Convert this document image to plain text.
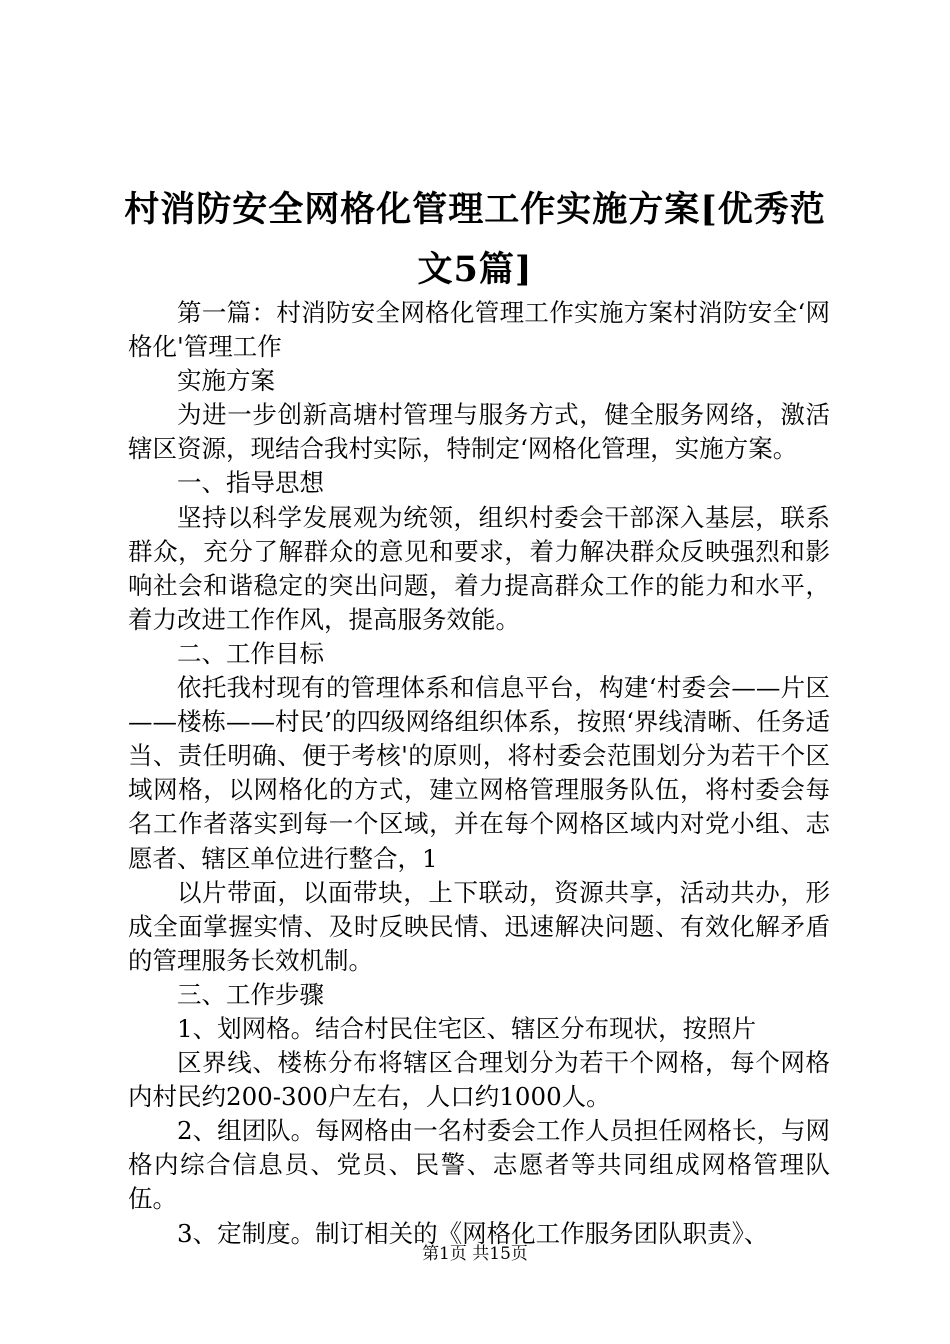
村消防安全网格化管理工作实施方案[优秀范文5篇]

第一篇：村消防安全网格化管理工作实施方案村消防安全‘网格化'管理工作

实施方案

为进一步创新高塘村管理与服务方式，健全服务网络，激活辖区资源，现结合我村实际，特制定‘网格化管理，实施方案。

一、指导思想

坚持以科学发展观为统领，组织村委会干部深入基层，联系群众，充分了解群众的意见和要求，着力解决群众反映强烈和影响社会和谐稳定的突出问题，着力提高群众工作的能力和水平，着力改进工作作风，提高服务效能。

二、工作目标

依托我村现有的管理体系和信息平台，构建‘村委会——片区——楼栋——村民’的四级网络组织体系，按照‘界线清晰、任务适当、责任明确、便于考核'的原则，将村委会范围划分为若干个区域网格，以网格化的方式，建立网格管理服务队伍，将村委会每名工作者落实到每一个区域，并在每个网格区域内对党小组、志愿者、辖区单位进行整合，1

以片带面，以面带块，上下联动，资源共享，活动共办，形成全面掌握实情、及时反映民情、迅速解决问题、有效化解矛盾的管理服务长效机制。

三、工作步骤

1、划网格。结合村民住宅区、辖区分布现状，按照片

区界线、楼栋分布将辖区合理划分为若干个网格，每个网格内村民约200-300户左右，人口约1000人。

2、组团队。每网格由一名村委会工作人员担任网格长，与网格内综合信息员、党员、民警、志愿者等共同组成网格管理队伍。

3、定制度。制订相关的《网格化工作服务团队职责》、

第1页 共15页
